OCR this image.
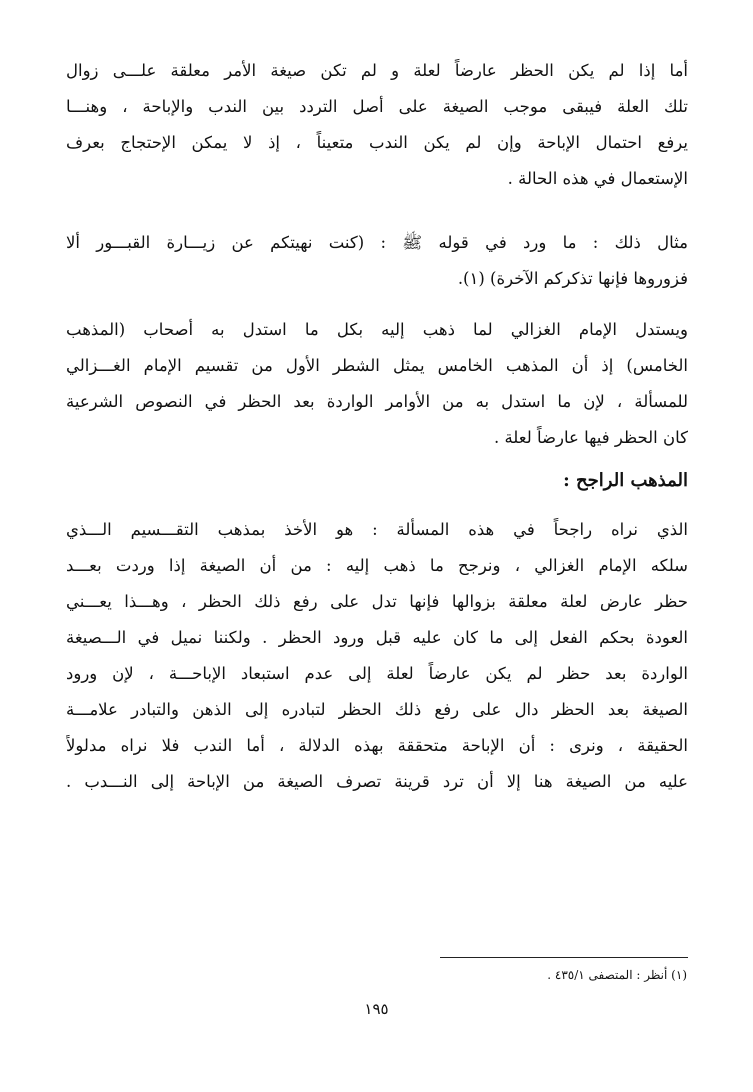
أما إذا لم يكن الحظر عارضاً لعلة و لم تكن صيغة الأمر معلقة علـــى زوال
تلك العلة فيبقى موجب الصيغة على أصل التردد بين الندب والإباحة ، وهنـــا
يرفع احتمال الإباحة وإن لم يكن الندب متعيناً ، إذ لا يمكن الإحتجاج بعرف
الإستعمال في هذه الحالة .
مثال ذلك : ما ورد في قوله ﷺ : (كنت نهيتكم عن زيـــارة القبـــور ألا
فزوروها فإنها تذكركم الآخرة) (١).
ويستدل الإمام الغزالي لما ذهب إليه بكل ما استدل به أصحاب (المذهب
الخامس) إذ أن المذهب الخامس يمثل الشطر الأول من تقسيم الإمام الغـــزالي
للمسألة ، لإن ما استدل به من الأوامر الواردة بعد الحظر في النصوص الشرعية
كان الحظر فيها عارضاً لعلة .
المذهب الراجح :
الذي نراه راجحاً في هذه المسألة : هو الأخذ بمذهب التقـــسيم الـــذي
سلكه الإمام الغزالي ، ونرجح ما ذهب إليه : من أن الصيغة إذا وردت بعـــد
حظر عارض لعلة معلقة بزوالها فإنها تدل على رفع ذلك الحظر ، وهـــذا يعـــني
العودة بحكم الفعل إلى ما كان عليه قبل ورود الحظر . ولكننا نميل في الـــصيغة
الواردة بعد حظر لم يكن عارضاً لعلة إلى عدم استبعاد الإباحـــة ، لإن ورود
الصيغة بعد الحظر دال على رفع ذلك الحظر لتبادره إلى الذهن والتبادر علامـــة
الحقيقة ، ونرى : أن الإباحة متحققة بهذه الدلالة ، أما الندب فلا نراه مدلولاً
عليه من الصيغة هنا إلا أن ترد قرينة تصرف الصيغة من الإباحة إلى النـــدب .
(١) أنظر : المتصفى ٤٣٥/١ .
١٩٥
